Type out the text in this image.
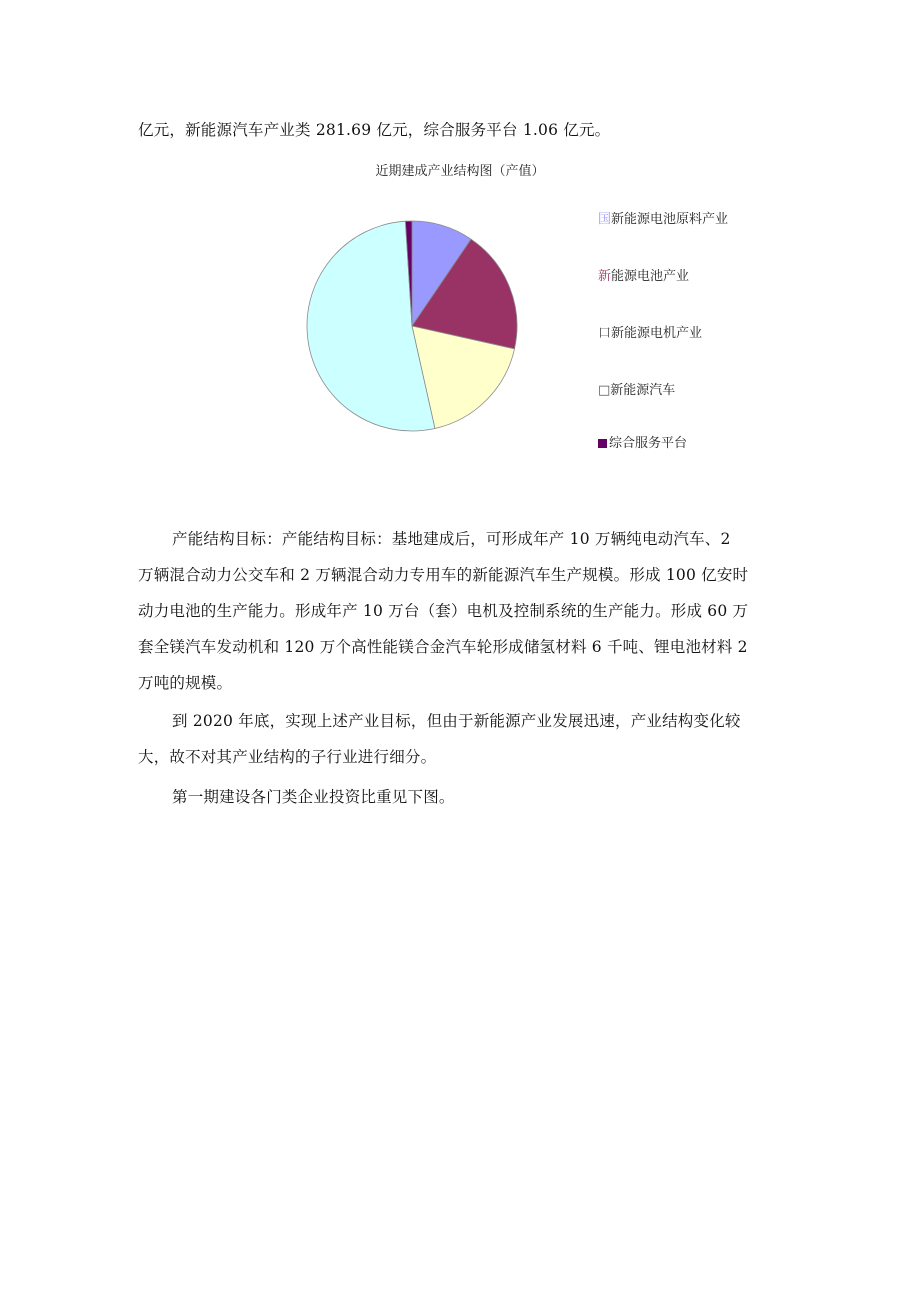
亿元，新能源汽车产业类 281.69 亿元，综合服务平台 1.06 亿元。
近期建成产业结构图（产值）
国新能源电池原料产业
新能源电池产业
口新能源电机产业
□新能源汽车
综合服务平台
产能结构目标：产能结构目标：基地建成后，可形成年产 10 万辆纯电动汽车、2
万辆混合动力公交车和 2 万辆混合动力专用车的新能源汽车生产规模。形成 100 亿安时
动力电池的生产能力。形成年产 10 万台（套）电机及控制系统的生产能力。形成 60 万
套全镁汽车发动机和 120 万个高性能镁合金汽车轮形成储氢材料 6 千吨、锂电池材料 2
万吨的规模。
到 2020 年底，实现上述产业目标，但由于新能源产业发展迅速，产业结构变化较
大，故不对其产业结构的子行业进行细分。
第一期建设各门类企业投资比重见下图。
